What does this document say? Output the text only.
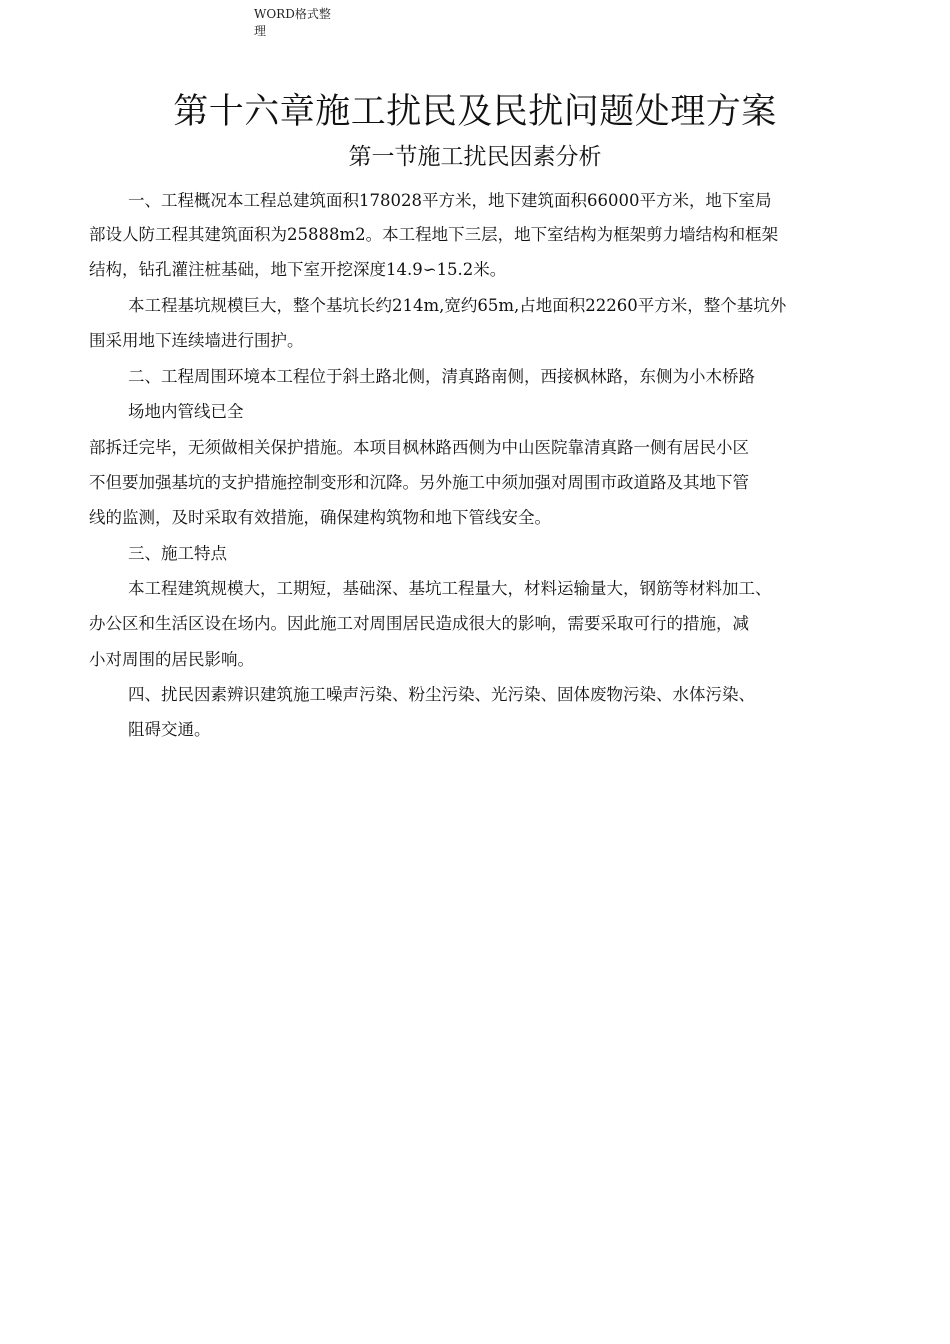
WORD格式整
理
第十六章施工扰民及民扰问题处理方案
第一节施工扰民因素分析
一、工程概况本工程总建筑面积178028平方米，地下建筑面积66000平方米，地下室局
部设人防工程其建筑面积为25888m2。本工程地下三层，地下室结构为框架剪力墙结构和框架
结构，钻孔灌注桩基础，地下室开挖深度14.9∽15.2米。
本工程基坑规模巨大，整个基坑长约214m,宽约65m,占地面积22260平方米，整个基坑外
围采用地下连续墙进行围护。
二、工程周围环境本工程位于斜土路北侧，清真路南侧，西接枫林路，东侧为小木桥路
场地内管线已全
部拆迁完毕，无须做相关保护措施。本项目枫林路西侧为中山医院靠清真路一侧有居民小区
不但要加强基坑的支护措施控制变形和沉降。另外施工中须加强对周围市政道路及其地下管
线的监测，及时采取有效措施，确保建构筑物和地下管线安全。
三、施工特点
本工程建筑规模大，工期短，基础深、基坑工程量大，材料运输量大，钢筋等材料加工、
办公区和生活区设在场内。因此施工对周围居民造成很大的影响，需要采取可行的措施，减
小对周围的居民影响。
四、扰民因素辨识建筑施工噪声污染、粉尘污染、光污染、固体废物污染、水体污染、
阻碍交通。
